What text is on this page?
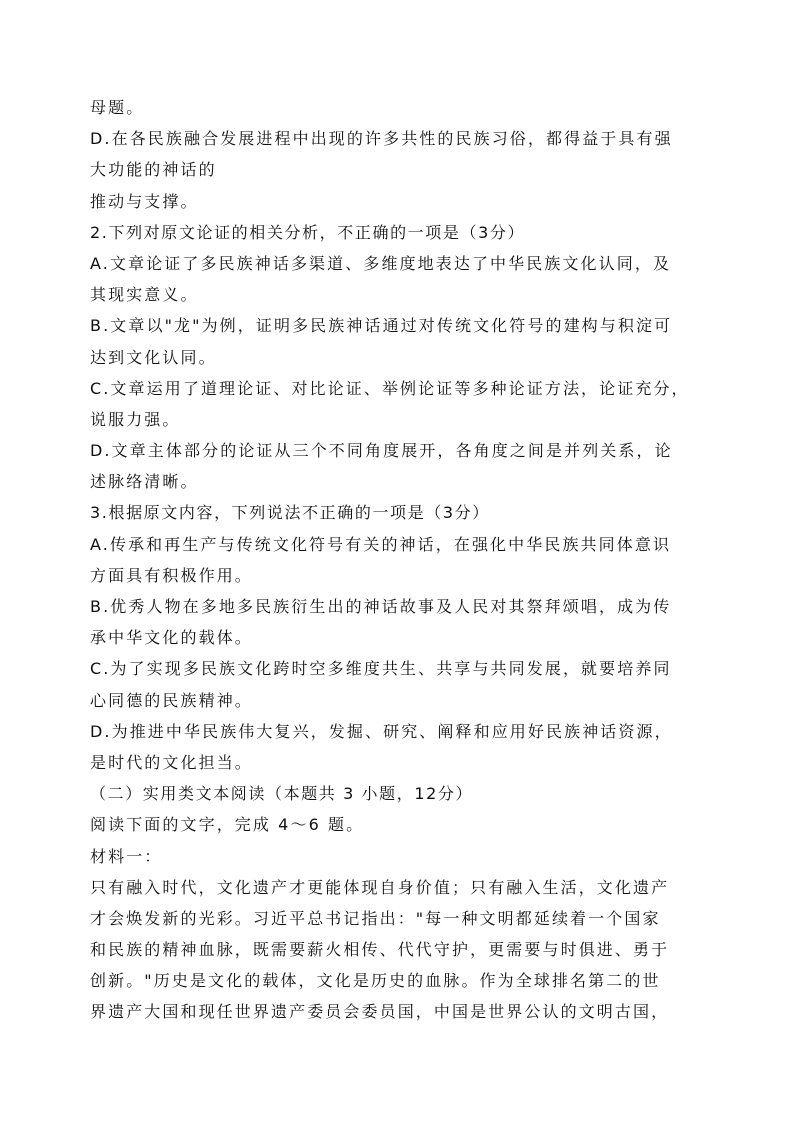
母题。
D.在各民族融合发展进程中出现的许多共性的民族习俗，都得益于具有强
大功能的神话的
推动与支撑。
2.下列对原文论证的相关分析，不正确的一项是（3分）
A.文章论证了多民族神话多渠道、多维度地表达了中华民族文化认同，及
其现实意义。
B.文章以"龙"为例，证明多民族神话通过对传统文化符号的建构与积淀可
达到文化认同。
C.文章运用了道理论证、对比论证、举例论证等多种论证方法，论证充分，
说服力强。
D.文章主体部分的论证从三个不同角度展开，各角度之间是并列关系，论
述脉络清晰。
3.根据原文内容，下列说法不正确的一项是（3分）
A.传承和再生产与传统文化符号有关的神话，在强化中华民族共同体意识
方面具有积极作用。
B.优秀人物在多地多民族衍生出的神话故事及人民对其祭拜颂唱，成为传
承中华文化的载体。
C.为了实现多民族文化跨时空多维度共生、共享与共同发展，就要培养同
心同德的民族精神。
D.为推进中华民族伟大复兴，发掘、研究、阐释和应用好民族神话资源，
是时代的文化担当。
（二）实用类文本阅读（本题共 3 小题，12分）
阅读下面的文字，完成 4～6 题。
材料一：
只有融入时代，文化遗产才更能体现自身价值；只有融入生活，文化遗产
才会焕发新的光彩。习近平总书记指出："每一种文明都延续着一个国家
和民族的精神血脉，既需要薪火相传、代代守护，更需要与时俱进、勇于
创新。"历史是文化的载体，文化是历史的血脉。作为全球排名第二的世
界遗产大国和现任世界遗产委员会委员国，中国是世界公认的文明古国，
